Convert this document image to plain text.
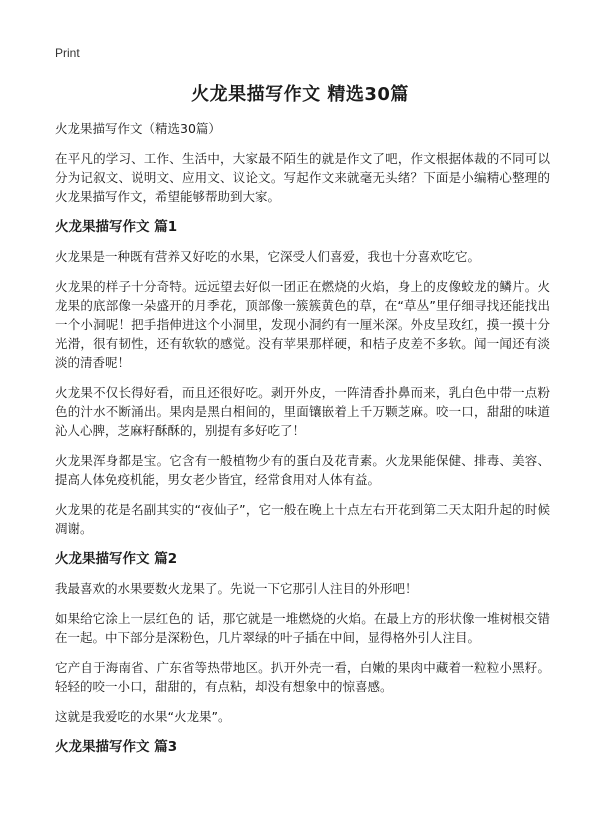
Print
火龙果描写作文 精选30篇
火龙果描写作文（精选30篇）

在平凡的学习、工作、生活中，大家最不陌生的就是作文了吧，作文根据体裁的不同可以分为记叙文、说明文、应用文、议论文。写起作文来就毫无头绪？下面是小编精心整理的火龙果描写作文，希望能够帮助到大家。

火龙果描写作文 篇1

火龙果是一种既有营养又好吃的水果，它深受人们喜爱，我也十分喜欢吃它。

火龙果的样子十分奇特。远远望去好似一团正在燃烧的火焰，身上的皮像蛟龙的鳞片。火龙果的底部像一朵盛开的月季花，顶部像一簇簇黄色的草，在“草丛”里仔细寻找还能找出一个小洞呢！把手指伸进这个小洞里，发现小洞约有一厘米深。外皮呈玫红，摸一摸十分光滑，很有韧性，还有软软的感觉。没有苹果那样硬，和桔子皮差不多软。闻一闻还有淡淡的清香呢！

火龙果不仅长得好看，而且还很好吃。剥开外皮，一阵清香扑鼻而来，乳白色中带一点粉色的汁水不断涌出。果肉是黑白相间的，里面镶嵌着上千万颗芝麻。咬一口，甜甜的味道沁人心脾，芝麻籽酥酥的，别提有多好吃了！

火龙果浑身都是宝。它含有一般植物少有的蛋白及花青素。火龙果能保健、排毒、美容、提高人体免疫机能，男女老少皆宜，经常食用对人体有益。

火龙果的花是名副其实的“夜仙子”，它一般在晚上十点左右开花到第二天太阳升起的时候凋谢。

火龙果描写作文 篇2

我最喜欢的水果要数火龙果了。先说一下它那引人注目的外形吧！

如果给它涂上一层红色的 话，那它就是一堆燃烧的火焰。在最上方的形状像一堆树根交错在一起。中下部分是深粉色，几片翠绿的叶子插在中间，显得格外引人注目。

它产自于海南省、广东省等热带地区。扒开外壳一看，白嫩的果肉中藏着一粒粒小黑籽。轻轻的咬一小口，甜甜的，有点粘，却没有想象中的惊喜感。

这就是我爱吃的水果“火龙果”。

火龙果描写作文 篇3
